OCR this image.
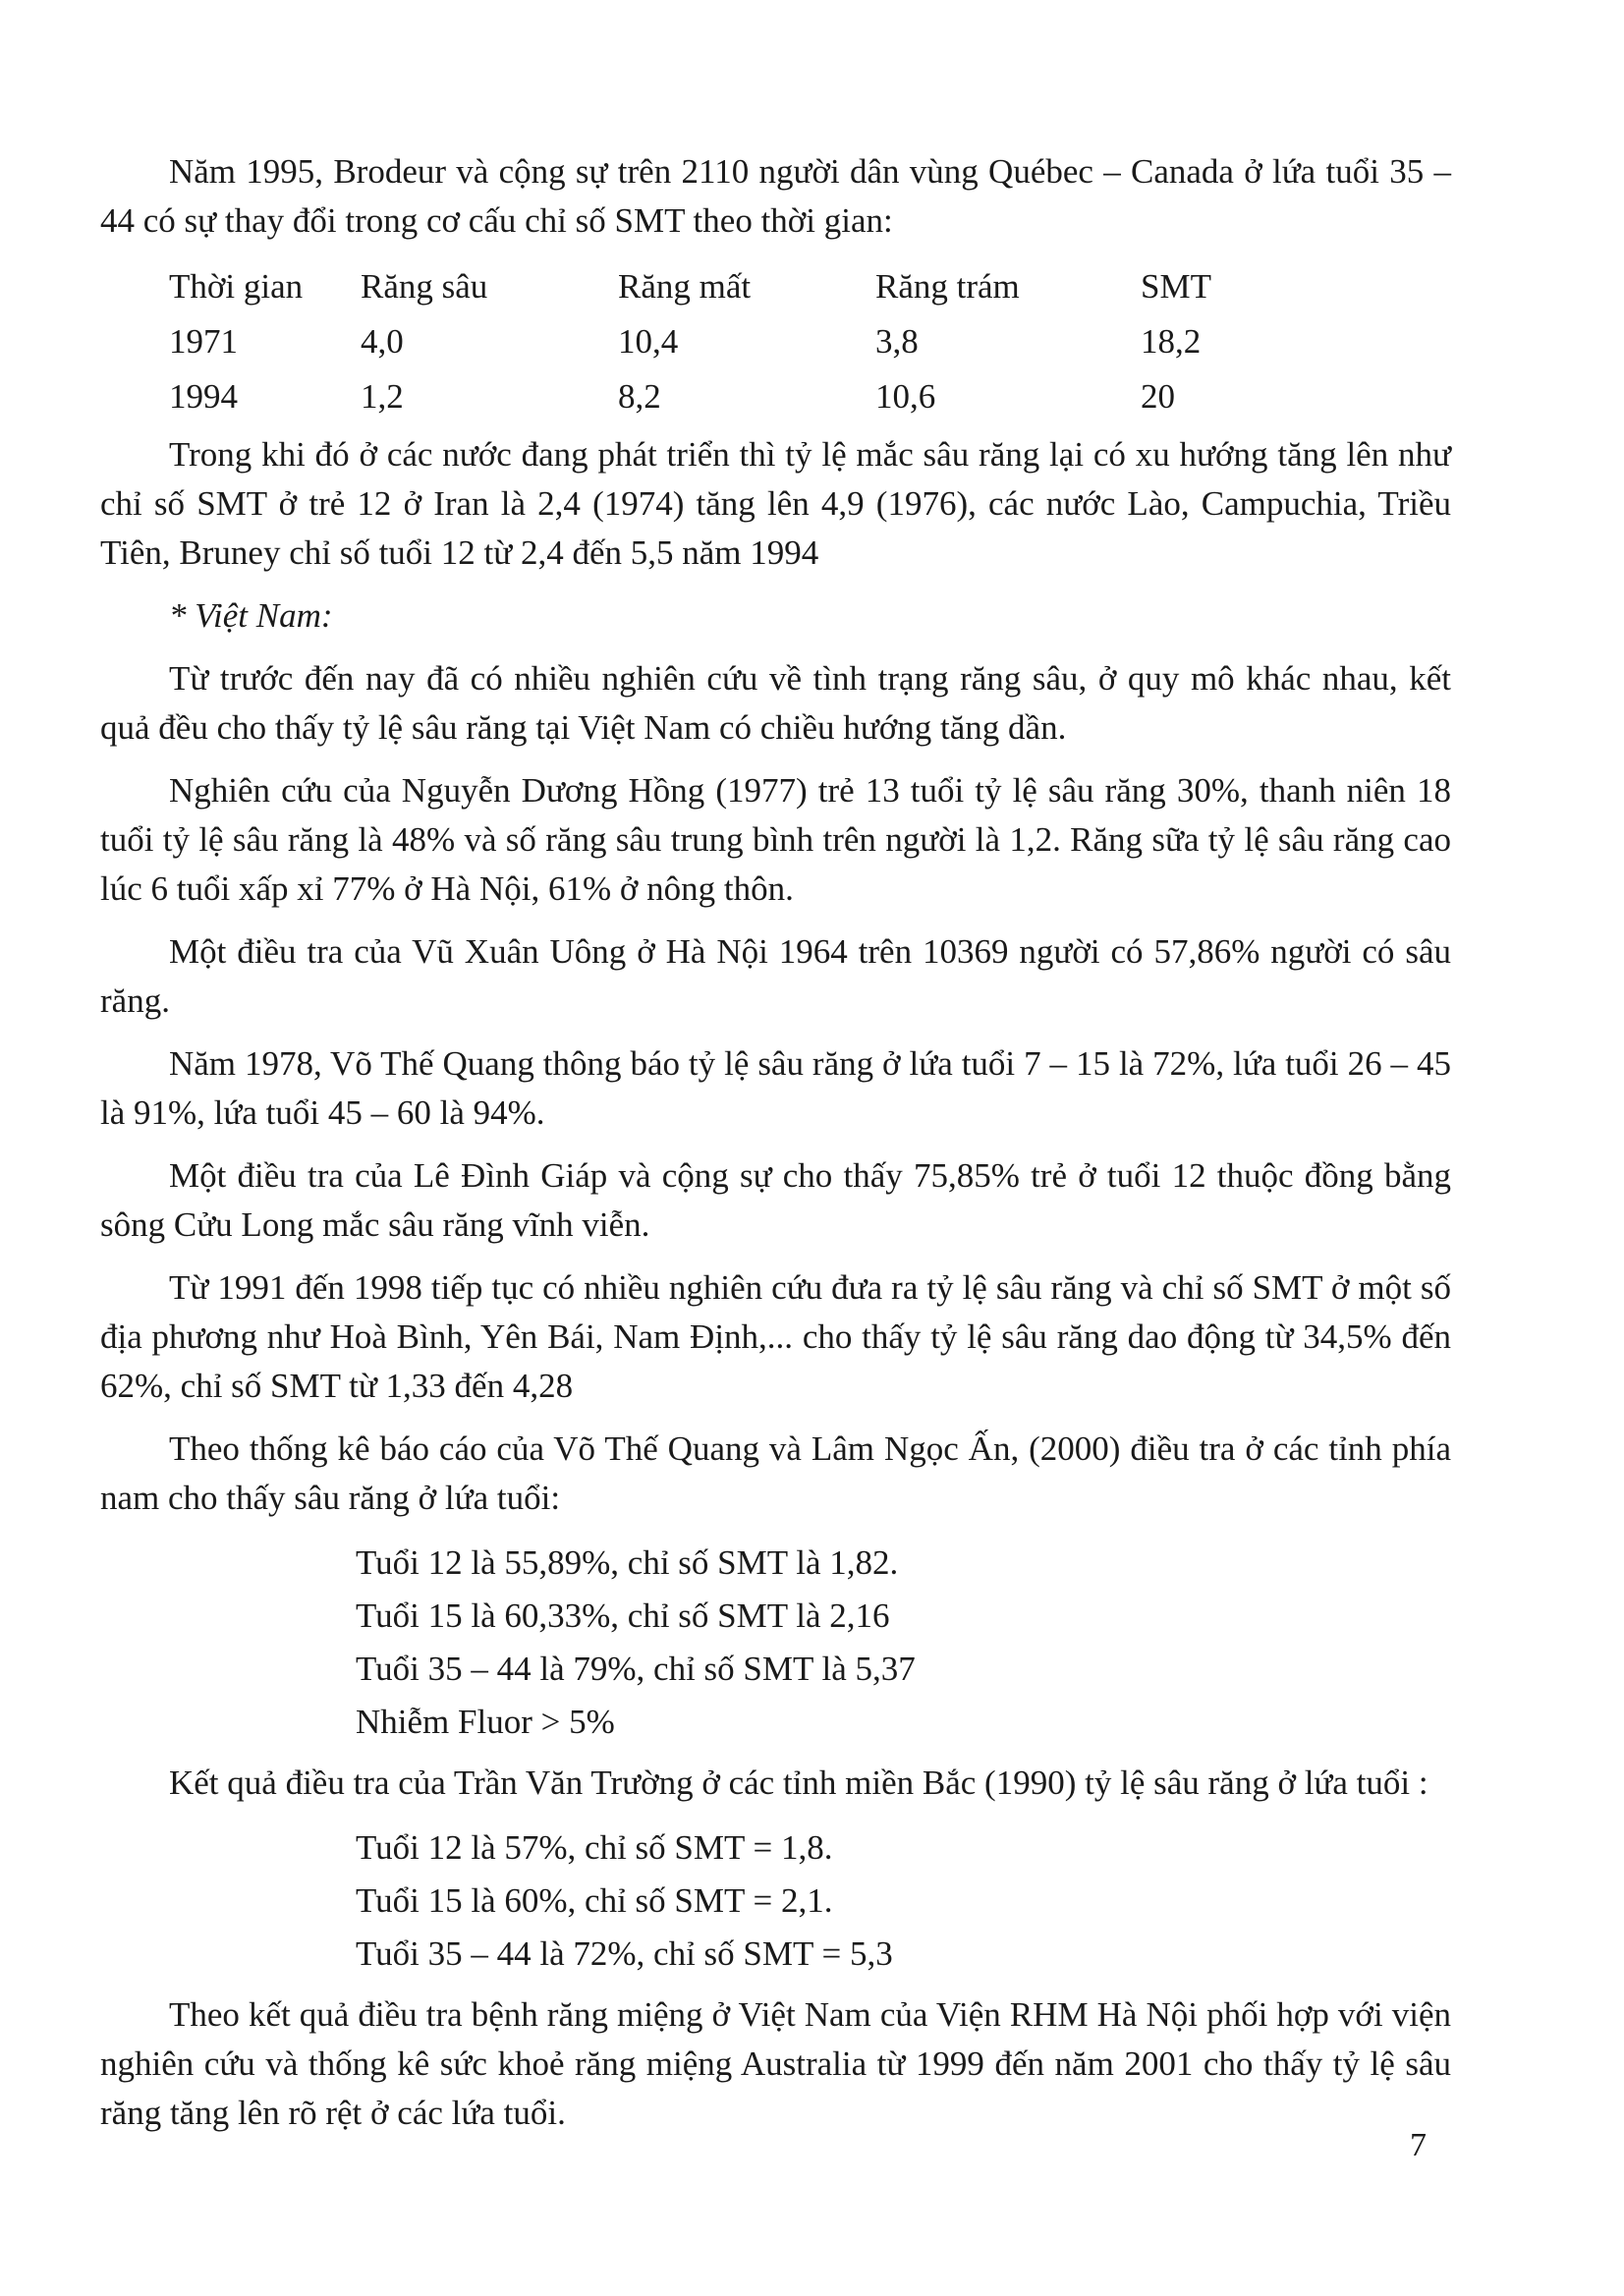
Năm 1995, Brodeur và cộng sự trên 2110 người dân vùng Québec – Canada ở lứa tuổi 35 – 44 có sự thay đổi trong cơ cấu chỉ số SMT theo thời gian:

Thời gian	Răng sâu	Răng mất	Răng trám	SMT
1971	4,0	10,4	3,8	18,2
1994	1,2	8,2	10,6	20

Trong khi đó ở các nước đang phát triển thì tỷ lệ mắc sâu răng lại có xu hướng tăng lên như chỉ số SMT ở trẻ 12 ở Iran là 2,4 (1974) tăng lên 4,9 (1976), các nước Lào, Campuchia, Triều Tiên, Bruney chỉ số tuổi 12 từ 2,4 đến 5,5 năm 1994

* Việt Nam:

Từ trước đến nay đã có nhiều nghiên cứu về tình trạng răng sâu, ở quy mô khác nhau, kết quả đều cho thấy tỷ lệ sâu răng tại Việt Nam có chiều hướng tăng dần.

Nghiên cứu của Nguyễn Dương Hồng (1977) trẻ 13 tuổi tỷ lệ sâu răng 30%, thanh niên 18 tuổi tỷ lệ sâu răng là 48% và số răng sâu trung bình trên người là 1,2. Răng sữa tỷ lệ sâu răng cao lúc 6 tuổi xấp xỉ 77% ở Hà Nội, 61% ở nông thôn.

Một điều tra của Vũ Xuân Uông ở Hà Nội 1964 trên 10369 người có 57,86% người có sâu răng.

Năm 1978, Võ Thế Quang thông báo tỷ lệ sâu răng ở lứa tuổi 7 – 15 là 72%, lứa tuổi 26 – 45 là 91%, lứa tuổi 45 – 60 là 94%.

Một điều tra của Lê Đình Giáp và cộng sự cho thấy 75,85% trẻ ở tuổi 12 thuộc đồng bằng sông Cửu Long mắc sâu răng vĩnh viễn.

Từ 1991 đến 1998 tiếp tục có nhiều nghiên cứu đưa ra tỷ lệ sâu răng và chỉ số SMT ở một số địa phương như Hoà Bình, Yên Bái, Nam Định,... cho thấy tỷ lệ sâu răng dao động từ 34,5% đến 62%, chỉ số SMT từ 1,33 đến 4,28

Theo thống kê báo cáo của Võ Thế Quang và Lâm Ngọc Ấn, (2000) điều tra ở các tỉnh phía nam cho thấy sâu răng ở lứa tuổi:

Tuổi 12 là 55,89%, chỉ số SMT là 1,82.
Tuổi 15 là 60,33%, chỉ số SMT là 2,16
Tuổi 35 – 44 là 79%, chỉ số SMT là 5,37
Nhiễm Fluor > 5%

Kết quả điều tra của Trần Văn Trường ở các tỉnh miền Bắc (1990) tỷ lệ sâu răng ở lứa tuổi :

Tuổi 12 là 57%, chỉ số SMT = 1,8.
Tuổi 15 là 60%, chỉ số SMT = 2,1.
Tuổi 35 – 44 là 72%, chỉ số SMT = 5,3

Theo kết quả điều tra bệnh răng miệng ở Việt Nam của Viện RHM Hà Nội phối hợp với viện nghiên cứu và thống kê sức khoẻ răng miệng Australia từ 1999 đến năm 2001 cho thấy tỷ lệ sâu răng tăng lên rõ rệt ở các lứa tuổi.

7
